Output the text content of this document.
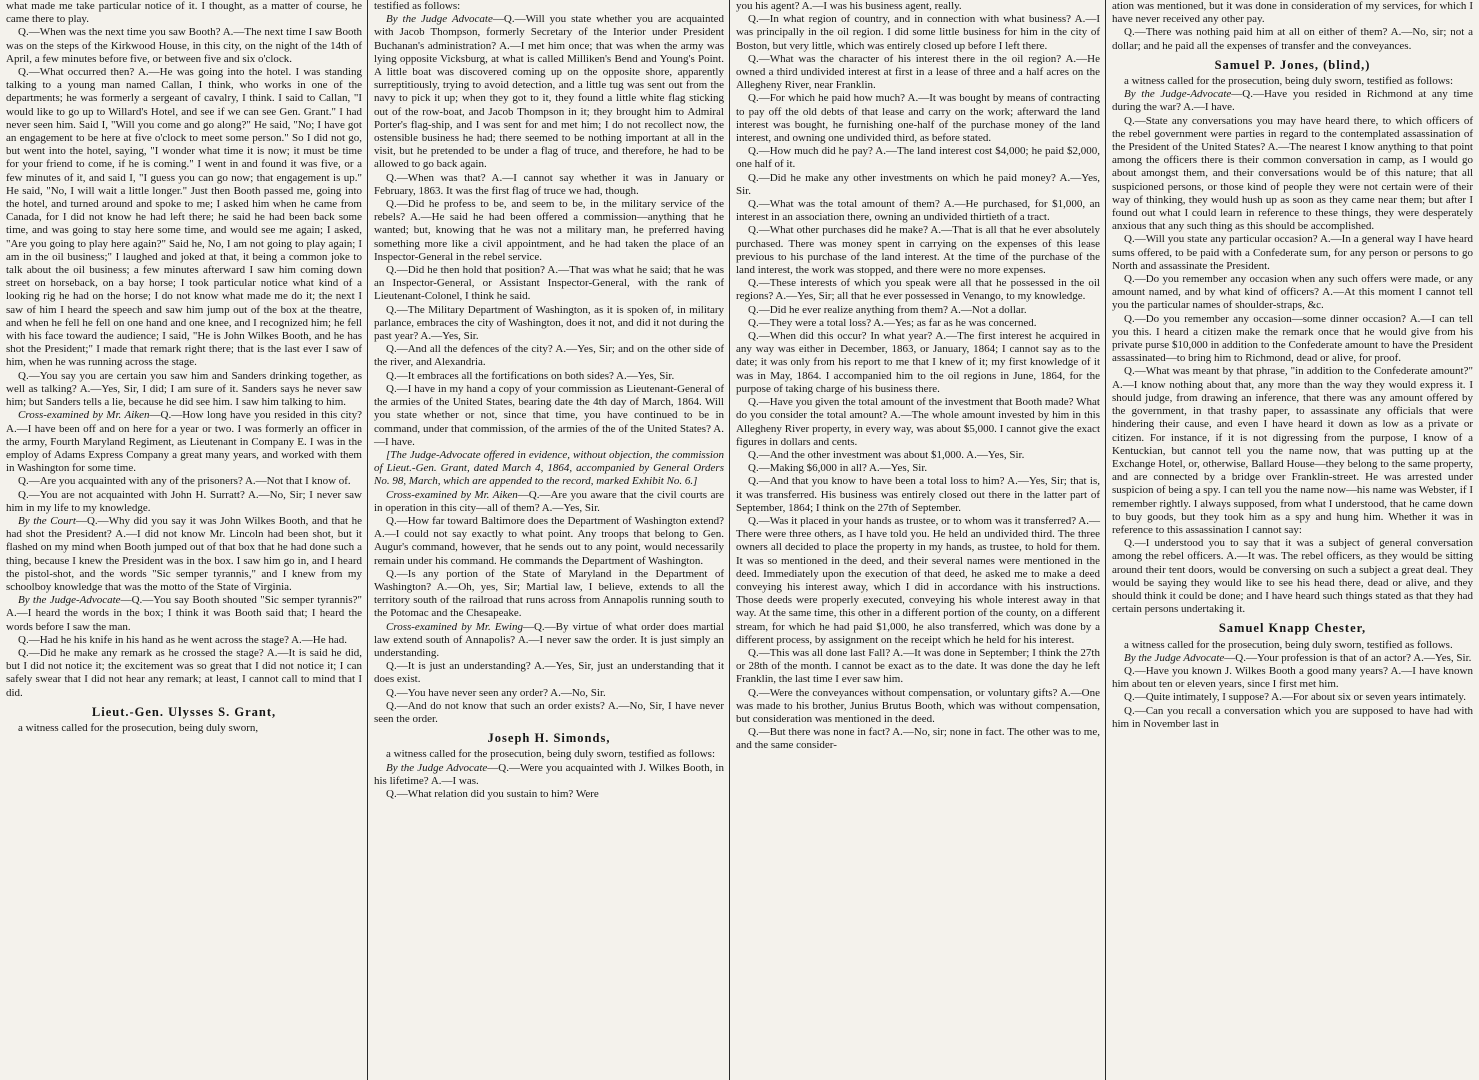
what made me take particular notice of it. I thought, as a matter of course, he came there to play.

Q.—When was the next time you saw Booth? A.—The next time I saw Booth was on the steps of the Kirkwood House, in this city, on the night of the 14th of April, a few minutes before five, or between five and six o'clock.

Q.—What occurred then? A.—He was going into the hotel. I was standing talking to a young man named Callan, I think, who works in one of the departments; he was formerly a sergeant of cavalry, I think. I said to Callan, "I would like to go up to Willard's Hotel, and see if we can see Gen. Grant." I had never seen him. Said I, "Will you come and go along?" He said, "No; I have got an engagement to be here at five o'clock to meet some person." So I did not go, but went into the hotel, saying, "I wonder what time it is now; it must be time for your friend to come, if he is coming." I went in and found it was five, or a few minutes of it, and said I, "I guess you can go now; that engagement is up." He said, "No, I will wait a little longer." Just then Booth passed me, going into the hotel, and turned around and spoke to me; I asked him when he came from Canada, for I did not know he had left there; he said he had been back some time, and was going to stay here some time, and would see me again; I asked, "Are you going to play here again?" Said he, No, I am not going to play again; I am in the oil business;" I laughed and joked at that, it being a common joke to talk about the oil business; a few minutes afterward I saw him coming down street on horseback, on a bay horse; I took particular notice what kind of a looking rig he had on the horse; I do not know what made me do it; the next I saw of him I heard the speech and saw him jump out of the box at the theatre, and when he fell he fell on one hand and one knee, and I recognized him; he fell with his face toward the audience; I said, "He is John Wilkes Booth, and he has shot the President;" I made that remark right there; that is the last ever I saw of him, when he was running across the stage.

Q.—You say you are certain you saw him and Sanders drinking together, as well as talking? A.—Yes, Sir, I did; I am sure of it. Sanders says he never saw him; but Sanders tells a lie, because he did see him. I saw him talking to him.

Cross-examined by Mr. Aiken—Q.—How long have you resided in this city? A.—I have been off and on here for a year or two. I was formerly an officer in the army, Fourth Maryland Regiment, as Lieutenant in Company E. I was in the employ of Adams Express Company a great many years, and worked with them in Washington for some time.

Q.—Are you acquainted with any of the prisoners? A.—Not that I know of.

Q.—You are not acquainted with John H. Surratt? A.—No, Sir; I never saw him in my life to my knowledge.

By the Court—Q.—Why did you say it was John Wilkes Booth, and that he had shot the President? A.—I did not know Mr. Lincoln had been shot, but it flashed on my mind when Booth jumped out of that box that he had done such a thing, because I knew the President was in the box. I saw him go in, and I heard the pistol-shot, and the words "Sic semper tyrannis," and I knew from my schoolboy knowledge that was the motto of the State of Virginia.

By the Judge-Advocate—Q.—You say Booth shouted "Sic semper tyrannis?" A.—I heard the words in the box; I think it was Booth said that; I heard the words before I saw the man.

Q.—Had he his knife in his hand as he went across the stage? A.—He had.

Q.—Did he make any remark as he crossed the stage? A.—It is said he did, but I did not notice it; the excitement was so great that I did not notice it; I can safely swear that I did not hear any remark; at least, I cannot call to mind that I did.

Lieut.-Gen. Ulysses S. Grant,

a witness called for the prosecution, being duly sworn,

testified as follows:

By the Judge Advocate—Q.—Will you state whether you are acquainted with Jacob Thompson, formerly Secretary of the Interior under President Buchanan's administration? A.—I met him once; that was when the army was lying opposite Vicksburg, at what is called Milliken's Bend and Young's Point. A little boat was discovered coming up on the opposite shore, apparently surreptitiously, trying to avoid detection, and a little tug was sent out from the navy to pick it up; when they got to it, they found a little white flag sticking out of the row-boat, and Jacob Thompson in it; they brought him to Admiral Porter's flag-ship, and I was sent for and met him; I do not recollect now, the ostensible business he had; there seemed to be nothing important at all in the visit, but he pretended to be under a flag of truce, and therefore, he had to be allowed to go back again.

Q.—When was that? A.—I cannot say whether it was in January or February, 1863. It was the first flag of truce we had, though.

Q.—Did he profess to be, and seem to be, in the military service of the rebels? A.—He said he had been offered a commission—anything that he wanted; but, knowing that he was not a military man, he preferred having something more like a civil appointment, and he had taken the place of an Inspector-General in the rebel service.

Q.—Did he then hold that position? A.—That was what he said; that he was an Inspector-General, or Assistant Inspector-General, with the rank of Lieutenant-Colonel, I think he said.

Q.—The Military Department of Washington, as it is spoken of, in military parlance, embraces the city of Washington, does it not, and did it not during the past year? A.—Yes, Sir.

Q.—And all the defences of the city? A.—Yes, Sir; and on the other side of the river, and Alexandria.

Q.—It embraces all the fortifications on both sides? A.—Yes, Sir.

Q.—I have in my hand a copy of your commission as Lieutenant-General of the armies of the United States, bearing date the 4th day of March, 1864. Will you state whether or not, since that time, you have continued to be in command, under that commission, of the armies of the of the United States? A.—I have.

[The Judge-Advocate offered in evidence, without objection, the commission of Lieut.-Gen. Grant, dated March 4, 1864, accompanied by General Orders No. 98, March, which are appended to the record, marked Exhibit No. 6.]

Cross-examined by Mr. Aiken—Q.—Are you aware that the civil courts are in operation in this city—all of them? A.—Yes, Sir.

Q.—How far toward Baltimore does the Department of Washington extend? A.—I could not say exactly to what point. Any troops that belong to Gen. Augur's command, however, that he sends out to any point, would necessarily remain under his command. He commands the Department of Washington.

Q.—Is any portion of the State of Maryland in the Department of Washington? A.—Oh, yes, Sir; Martial law, I believe, extends to all the territory south of the railroad that runs across from Annapolis running south to the Potomac and the Chesapeake.

Cross-examined by Mr. Ewing—Q.—By virtue of what order does martial law extend south of Annapolis? A.—I never saw the order. It is just simply an understanding.

Q.—It is just an understanding? A.—Yes, Sir, just an understanding that it does exist.

Q.—You have never seen any order? A.—No, Sir.

Q.—And do not know that such an order exists? A.—No, Sir, I have never seen the order.

Joseph H. Simonds,

a witness called for the prosecution, being duly sworn, testified as follows:

By the Judge Advocate—Q.—Were you acquainted with J. Wilkes Booth, in his lifetime? A.—I was.

Q.—What relation did you sustain to him? Were

you his agent? A.—I was his business agent, really.

Q.—In what region of country, and in connection with what business? A.—I was principally in the oil region. I did some little business for him in the city of Boston, but very little, which was entirely closed up before I left there.

Q.—What was the character of his interest there in the oil region? A.—He owned a third undivided interest at first in a lease of three and a half acres on the Allegheny River, near Franklin.

Q.—For which he paid how much? A.—It was bought by means of contracting to pay off the old debts of that lease and carry on the work; afterward the land interest was bought, he furnishing one-half of the purchase money of the land interest, and owning one undivided third, as before stated.

Q.—How much did he pay? A.—The land interest cost $4,000; he paid $2,000, one half of it.

Q.—Did he make any other investments on which he paid money? A.—Yes, Sir.

Q.—What was the total amount of them? A.—He purchased, for $1,000, an interest in an association there, owning an undivided thirtieth of a tract.

Q.—What other purchases did he make? A.—That is all that he ever absolutely purchased. There was money spent in carrying on the expenses of this lease previous to his purchase of the land interest. At the time of the purchase of the land interest, the work was stopped, and there were no more expenses.

Q.—These interests of which you speak were all that he possessed in the oil regions? A.—Yes, Sir; all that he ever possessed in Venango, to my knowledge.

Q.—Did he ever realize anything from them? A.—Not a dollar.

Q.—They were a total loss? A.—Yes; as far as he was concerned.

Q.—When did this occur? In what year? A.—The first interest he acquired in any way was either in December, 1863, or January, 1864; I cannot say as to the date; it was only from his report to me that I knew of it; my first knowledge of it was in May, 1864. I accompanied him to the oil regions in June, 1864, for the purpose of taking charge of his business there.

Q.—Have you given the total amount of the investment that Booth made? What do you consider the total amount? A.—The whole amount invested by him in this Allegheny River property, in every way, was about $5,000. I cannot give the exact figures in dollars and cents.

Q.—And the other investment was about $1,000. A.—Yes, Sir.

Q.—Making $6,000 in all? A.—Yes, Sir.

Q.—And that you know to have been a total loss to him? A.—Yes, Sir; that is, it was transferred. His business was entirely closed out there in the latter part of September, 1864; I think on the 27th of September.

Q.—Was it placed in your hands as trustee, or to whom was it transferred? A.—There were three others, as I have told you. He held an undivided third. The three owners all decided to place the property in my hands, as trustee, to hold for them. It was so mentioned in the deed, and their several names were mentioned in the deed. Immediately upon the execution of that deed, he asked me to make a deed conveying his interest away, which I did in accordance with his instructions. Those deeds were properly executed, conveying his whole interest away in that way. At the same time, this other in a different portion of the county, on a different stream, for which he had paid $1,000, he also transferred, which was done by a different process, by assignment on the receipt which he held for his interest.

Q.—This was all done last Fall? A.—It was done in September; I think the 27th or 28th of the month. I cannot be exact as to the date. It was done the day he left Franklin, the last time I ever saw him.

Q.—Were the conveyances without compensation, or voluntary gifts? A.—One was made to his brother, Junius Brutus Booth, which was without compensation, but consideration was mentioned in the deed.

Q.—But there was none in fact? A.—No, sir; none in fact. The other was to me, and the same consider-

ation was mentioned, but it was done in consideration of my services, for which I have never received any other pay.

Q.—There was nothing paid him at all on either of them? A.—No, sir; not a dollar; and he paid all the expenses of transfer and the conveyances.

Samuel P. Jones, (blind,)

a witness called for the prosecution, being duly sworn, testified as follows:

By the Judge-Advocate—Q.—Have you resided in Richmond at any time during the war? A.—I have.

Q.—State any conversations you may have heard there, to which officers of the rebel government were parties in regard to the contemplated assassination of the President of the United States? A.—The nearest I know anything to that point among the officers there is their common conversation in camp, as I would go about amongst them, and their conversations would be of this nature; that all suspicioned persons, or those kind of people they were not certain were of their way of thinking, they would hush up as soon as they came near them; but after I found out what I could learn in reference to these things, they were desperately anxious that any such thing as this should be accomplished.

Q.—Will you state any particular occasion? A.—In a general way I have heard sums offered, to be paid with a Confederate sum, for any person or persons to go North and assassinate the President.

Q.—Do you remember any occasion when any such offers were made, or any amount named, and by what kind of officers? A.—At this moment I cannot tell you the particular names of shoulder-straps, &c.

Q.—Do you remember any occasion—some dinner occasion? A.—I can tell you this. I heard a citizen make the remark once that he would give from his private purse $10,000 in addition to the Confederate amount to have the President assassinated—to bring him to Richmond, dead or alive, for proof.

Q.—What was meant by that phrase, "in addition to the Confederate amount?" A.—I know nothing about that, any more than the way they would express it. I should judge, from drawing an inference, that there was any amount offered by the government, in that trashy paper, to assassinate any officials that were hindering their cause, and even I have heard it down as low as a private or citizen. For instance, if it is not digressing from the purpose, I know of a Kentuckian, but cannot tell you the name now, that was putting up at the Exchange Hotel, or, otherwise, Ballard House—they belong to the same property, and are connected by a bridge over Franklin-street. He was arrested under suspicion of being a spy. I can tell you the name now—his name was Webster, if I remember rightly. I always supposed, from what I understood, that he came down to buy goods, but they took him as a spy and hung him. Whether it was in reference to this assassination I cannot say:

Q.—I understood you to say that it was a subject of general conversation among the rebel officers. A.—It was. The rebel officers, as they would be sitting around their tent doors, would be conversing on such a subject a great deal. They would be saying they would like to see his head there, dead or alive, and they should think it could be done; and I have heard such things stated as that they had certain persons undertaking it.

Samuel Knapp Chester,

a witness called for the prosecution, being duly sworn, testified as follows.

By the Judge Advocate—Q.—Your profession is that of an actor? A.—Yes, Sir.

Q.—Have you known J. Wilkes Booth a good many years? A.—I have known him about ten or eleven years, since I first met him.

Q.—Quite intimately, I suppose? A.—For about six or seven years intimately.

Q.—Can you recall a conversation which you are supposed to have had with him in November last in
